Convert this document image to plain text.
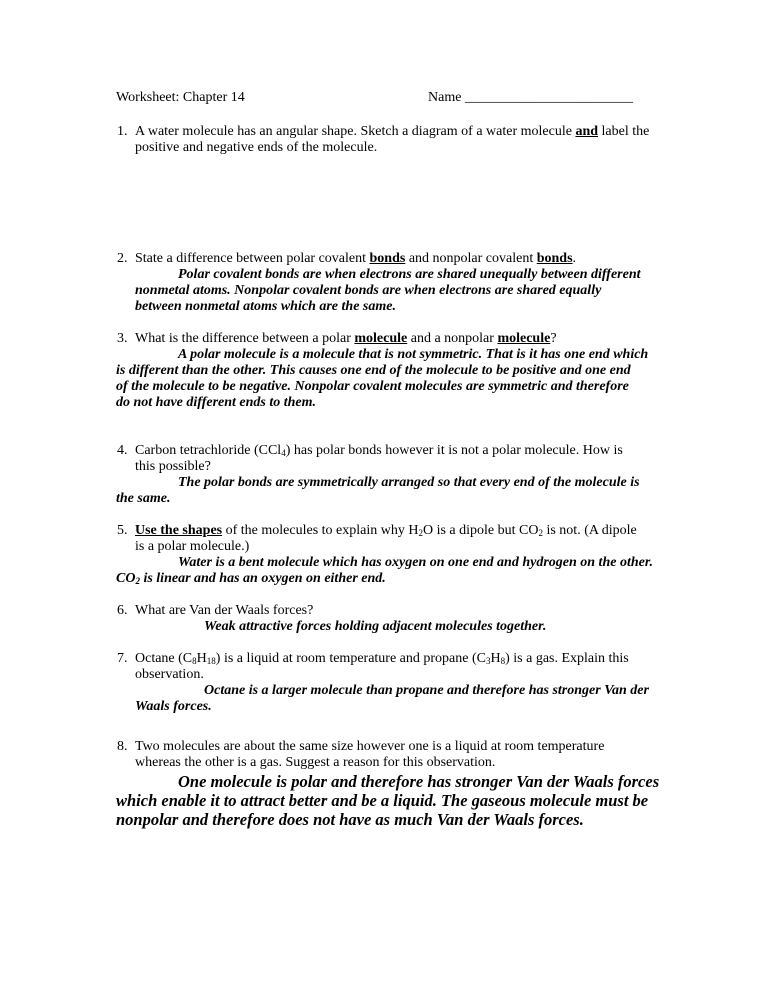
Worksheet: Chapter 14	Name ________________________
1. A water molecule has an angular shape. Sketch a diagram of a water molecule and label the positive and negative ends of the molecule.
2. State a difference between polar covalent bonds and nonpolar covalent bonds.
Polar covalent bonds are when electrons are shared unequally between different
nonmetal atoms. Nonpolar covalent bonds are when electrons are shared equally
between nonmetal atoms which are the same.
3. What is the difference between a polar molecule and a nonpolar molecule?
A polar molecule is a molecule that is not symmetric. That is it has one end which
is different than the other. This causes one end of the molecule to be positive and one end
of the molecule to be negative. Nonpolar covalent molecules are symmetric and therefore
do not have different ends to them.
4. Carbon tetrachloride (CCl$_4$) has polar bonds however it is not a polar molecule. How is
this possible?
The polar bonds are symmetrically arranged so that every end of the molecule is
the same.
5. Use the shapes of the molecules to explain why $H_2O$ is a dipole but $CO_2$ is not. (A dipole
is a polar molecule.)
Water is a bent molecule which has oxygen on one end and hydrogen on the other.
$CO_2$ is linear and has an oxygen on either end.
6. What are Van der Waals forces?
Weak attractive forces holding adjacent molecules together.
7. Octane $(C_8H_{18})$ is a liquid at room temperature and propane $(C_3H_8)$ is a gas. Explain this
observation.
Octane is a larger molecule than propane and therefore has stronger Van der
Waals forces.
8. Two molecules are about the same size however one is a liquid at room temperature
whereas the other is a gas. Suggest a reason for this observation.
One molecule is polar and therefore has stronger Van der Waals forces
which enable it to attract better and be a liquid. The gaseous molecule must be
nonpolar and therefore does not have as much Van der Waals forces.
